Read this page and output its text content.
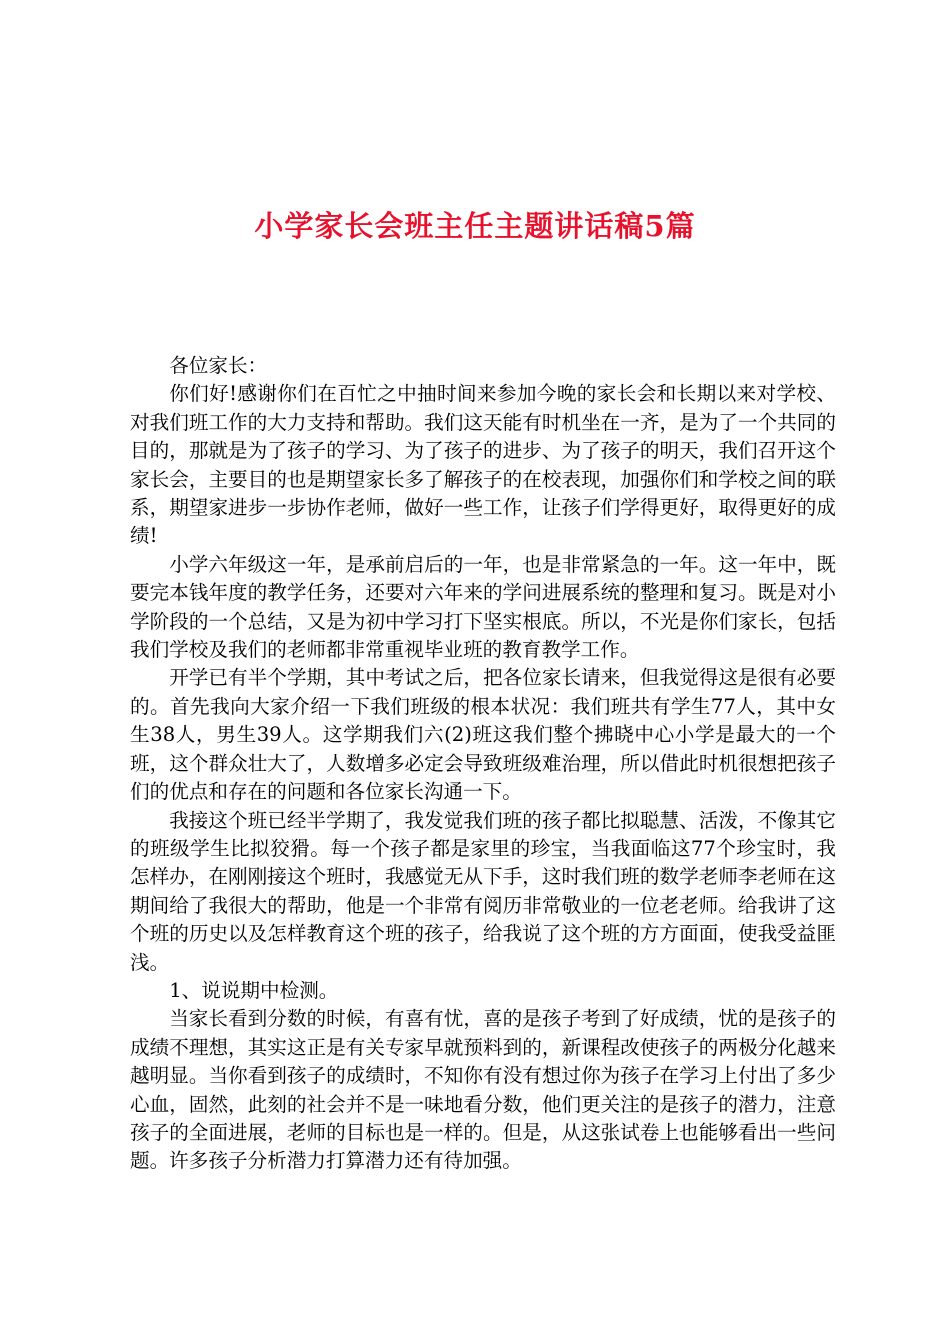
小学家长会班主任主题讲话稿5篇

各位家长：

你们好!感谢你们在百忙之中抽时间来参加今晚的家长会和长期以来对学校、对我们班工作的大力支持和帮助。我们这天能有时机坐在一齐，是为了一个共同的目的，那就是为了孩子的学习、为了孩子的进步、为了孩子的明天，我们召开这个家长会，主要目的也是期望家长多了解孩子的在校表现，加强你们和学校之间的联系，期望家进步一步协作老师，做好一些工作，让孩子们学得更好，取得更好的成绩!

小学六年级这一年，是承前启后的一年，也是非常紧急的一年。这一年中，既要完本钱年度的教学任务，还要对六年来的学问进展系统的整理和复习。既是对小学阶段的一个总结，又是为初中学习打下坚实根底。所以，不光是你们家长，包括我们学校及我们的老师都非常重视毕业班的教育教学工作。

开学已有半个学期，其中考试之后，把各位家长请来，但我觉得这是很有必要的。首先我向大家介绍一下我们班级的根本状况：我们班共有学生77人，其中女生38人，男生39人。这学期我们六(2)班这我们整个拂晓中心小学是最大的一个班，这个群众壮大了，人数增多必定会导致班级难治理，所以借此时机很想把孩子们的优点和存在的问题和各位家长沟通一下。

我接这个班已经半学期了，我发觉我们班的孩子都比拟聪慧、活泼，不像其它的班级学生比拟狡猾。每一个孩子都是家里的珍宝，当我面临这77个珍宝时，我怎样办，在刚刚接这个班时，我感觉无从下手，这时我们班的数学老师李老师在这期间给了我很大的帮助，他是一个非常有阅历非常敬业的一位老老师。给我讲了这个班的历史以及怎样教育这个班的孩子，给我说了这个班的方方面面，使我受益匪浅。

1、说说期中检测。

当家长看到分数的时候，有喜有忧，喜的是孩子考到了好成绩，忧的是孩子的成绩不理想，其实这正是有关专家早就预料到的，新课程改使孩子的两极分化越来越明显。当你看到孩子的成绩时，不知你有没有想过你为孩子在学习上付出了多少心血，固然，此刻的社会并不是一味地看分数，他们更关注的是孩子的潜力，注意孩子的全面进展，老师的目标也是一样的。但是，从这张试卷上也能够看出一些问题。许多孩子分析潜力打算潜力还有待加强。
